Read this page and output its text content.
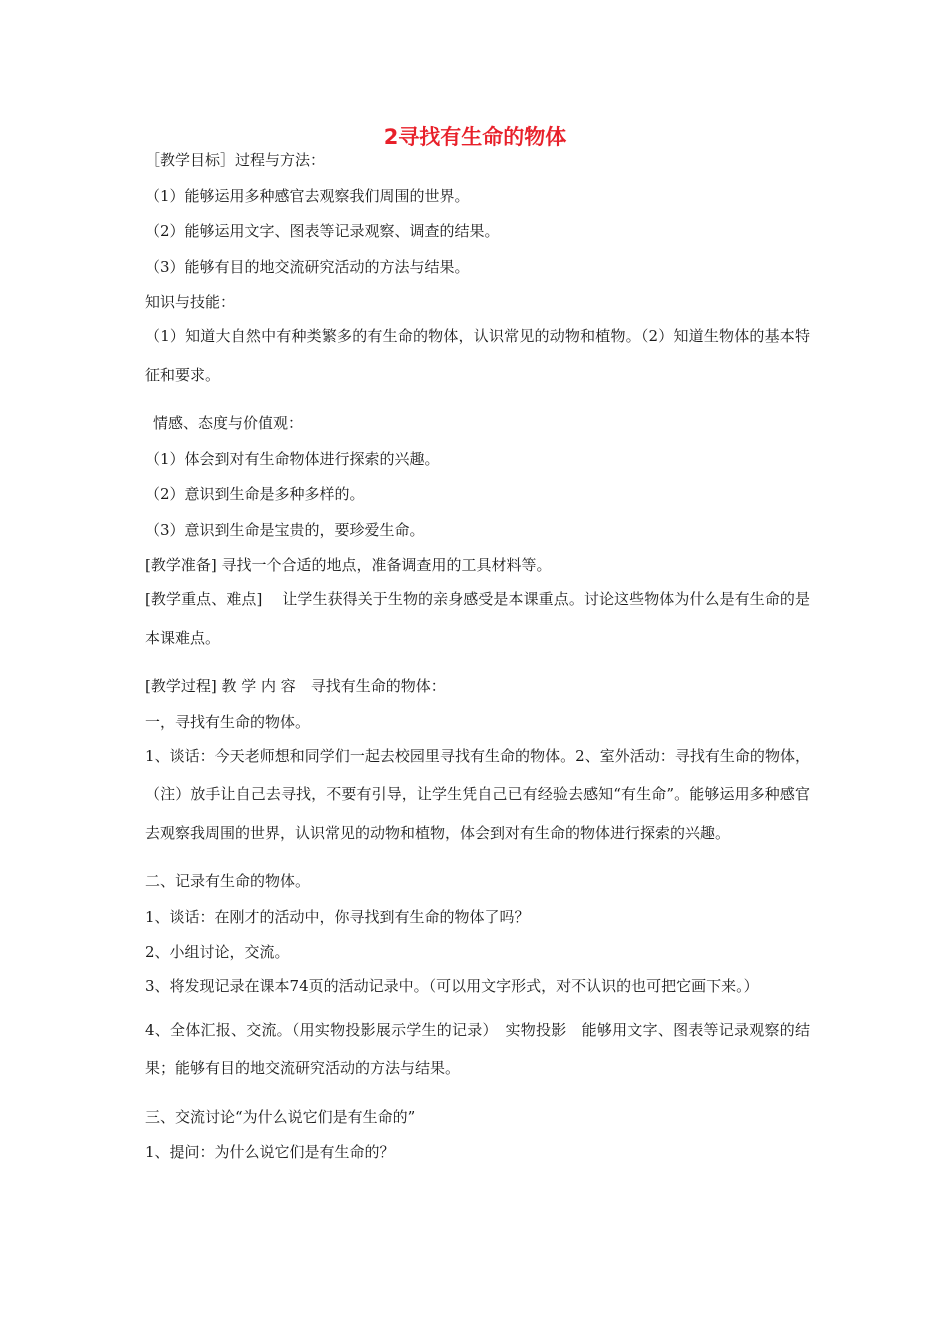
2寻找有生命的物体

［教学目标］过程与方法：

（1）能够运用多种感官去观察我们周围的世界。

（2）能够运用文字、图表等记录观察、调查的结果。

（3）能够有目的地交流研究活动的方法与结果。

知识与技能：

（1）知道大自然中有种类繁多的有生命的物体，认识常见的动物和植物。（2）知道生物体的基本特征和要求。

情感、态度与价值观：

（1）体会到对有生命物体进行探索的兴趣。

（2）意识到生命是多种多样的。

（3）意识到生命是宝贵的，要珍爱生命。

[教学准备] 寻找一个合适的地点，准备调查用的工具材料等。

[教学重点、难点]　 让学生获得关于生物的亲身感受是本课重点。讨论这些物体为什么是有生命的是本课难点。

[教学过程] 教 学 内 容　寻找有生命的物体：

一，寻找有生命的物体。

1、谈话：今天老师想和同学们一起去校园里寻找有生命的物体。2、室外活动：寻找有生命的物体，（注）放手让自己去寻找，不要有引导，让学生凭自己已有经验去感知“有生命”。能够运用多种感官去观察我周围的世界，认识常见的动物和植物，体会到对有生命的物体进行探索的兴趣。

二、记录有生命的物体。

1、谈话：在刚才的活动中，你寻找到有生命的物体了吗？

2、小组讨论，交流。

3、将发现记录在课本74页的活动记录中。（可以用文字形式，对不认识的也可把它画下来。）

4、全体汇报、交流。（用实物投影展示学生的记录）　实物投影　能够用文字、图表等记录观察的结果；能够有目的地交流研究活动的方法与结果。

三、交流讨论“为什么说它们是有生命的”

1、提问：为什么说它们是有生命的？
